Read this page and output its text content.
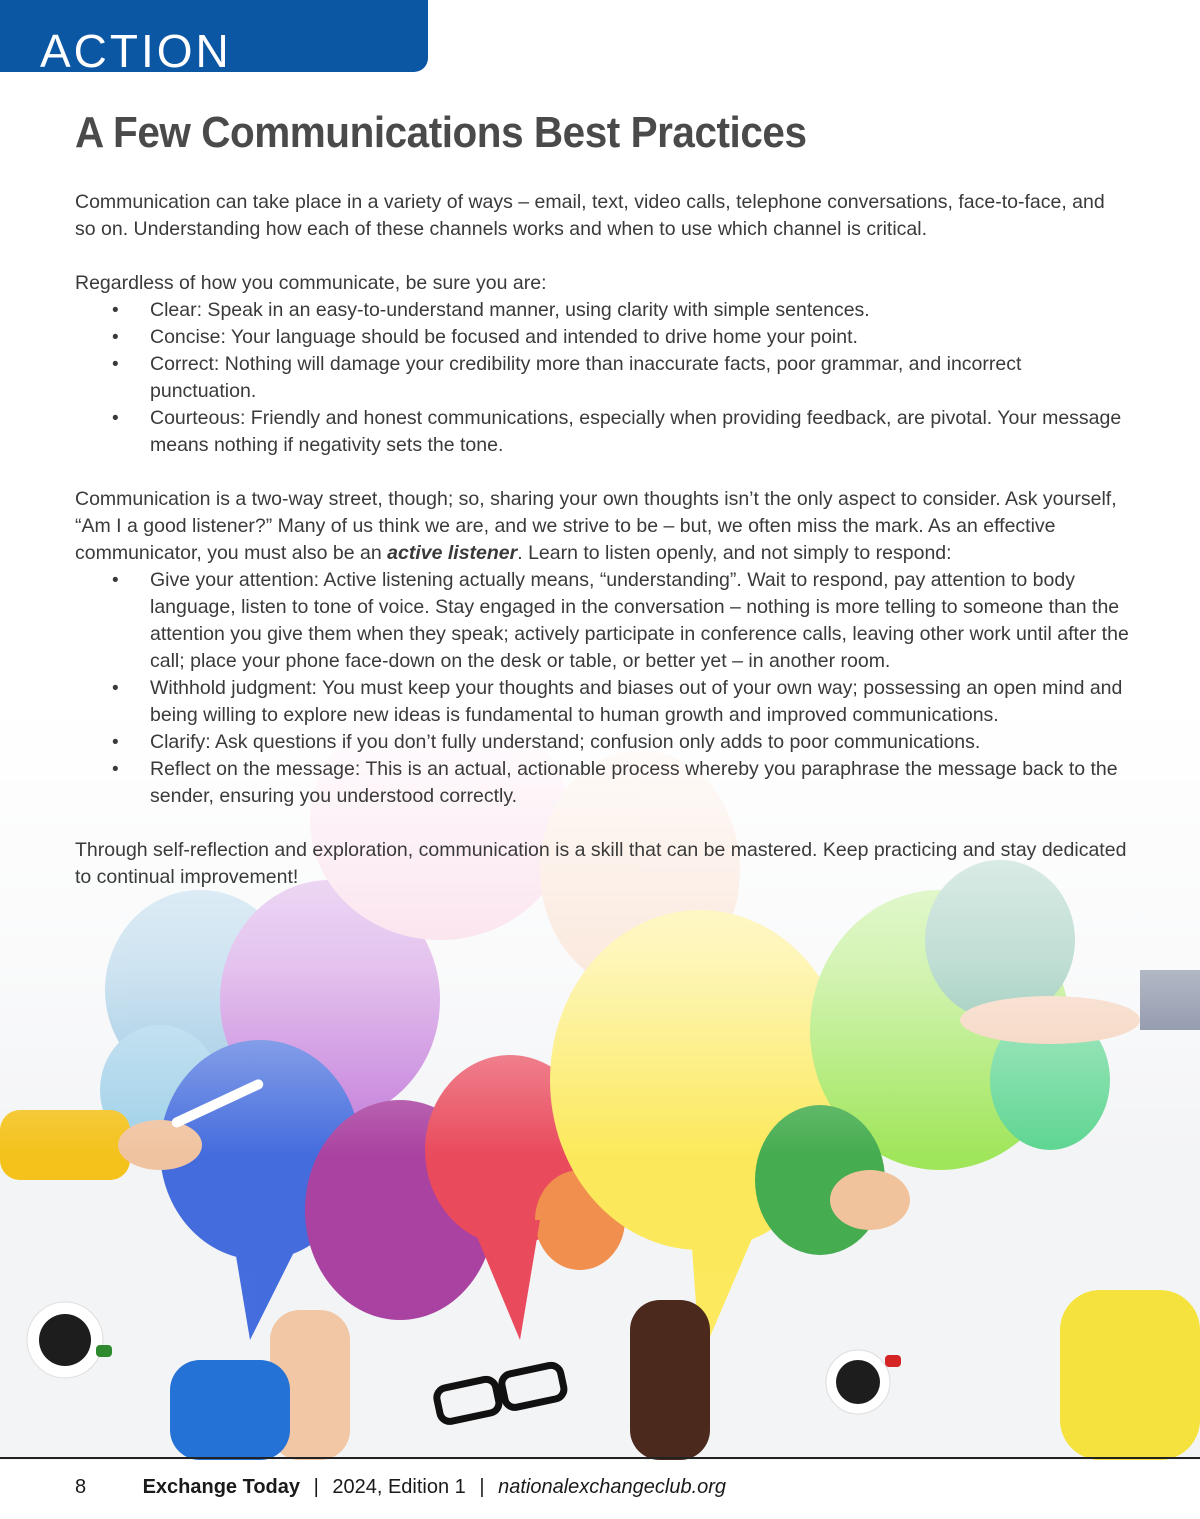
ACTION
A Few Communications Best Practices

Communication can take place in a variety of ways – email, text, video calls, telephone conversations, face-to-face, and so on. Understanding how each of these channels works and when to use which channel is critical.

Regardless of how you communicate, be sure you are:

• Clear: Speak in an easy-to-understand manner, using clarity with simple sentences.
• Concise: Your language should be focused and intended to drive home your point.
• Correct: Nothing will damage your credibility more than inaccurate facts, poor grammar, and incorrect punctuation.
• Courteous: Friendly and honest communications, especially when providing feedback, are pivotal. Your message means nothing if negativity sets the tone.

Communication is a two-way street, though; so, sharing your own thoughts isn’t the only aspect to consider. Ask yourself, “Am I a good listener?” Many of us think we are, and we strive to be – but, we often miss the mark. As an effective communicator, you must also be an active listener. Learn to listen openly, and not simply to respond:

• Give your attention: Active listening actually means, “understanding”. Wait to respond, pay attention to body language, listen to tone of voice. Stay engaged in the conversation – nothing is more telling to someone than the attention you give them when they speak; actively participate in conference calls, leaving other work until after the call; place your phone face-down on the desk or table, or better yet – in another room.
• Withhold judgment: You must keep your thoughts and biases out of your own way; possessing an open mind and being willing to explore new ideas is fundamental to human growth and improved communications.
• Clarify: Ask questions if you don’t fully understand; confusion only adds to poor communications.
• Reflect on the message: This is an actual, actionable process whereby you paraphrase the message back to the sender, ensuring you understood correctly.

Through self-reflection and exploration, communication is a skill that can be mastered. Keep practicing and stay dedicated to continual improvement!

8	Exchange Today | 2024, Edition 1 | nationalexchangeclub.org
